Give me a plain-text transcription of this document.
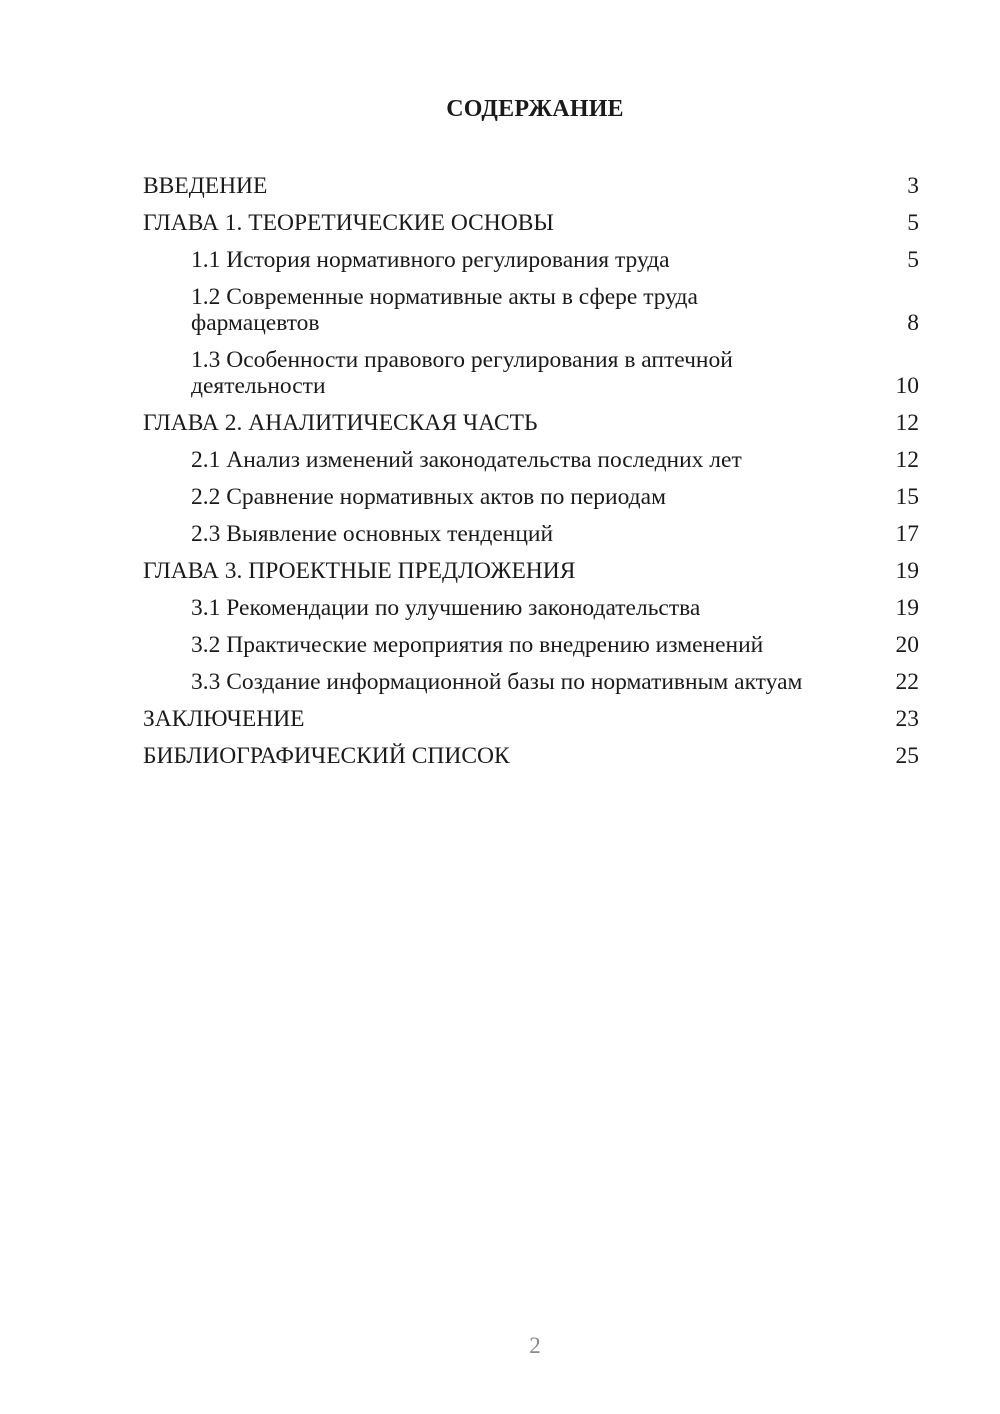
СОДЕРЖАНИЕ
ВВЕДЕНИЕ	3
ГЛАВА 1. ТЕОРЕТИЧЕСКИЕ ОСНОВЫ	5
1.1 История нормативного регулирования труда	5
1.2 Современные нормативные акты в сфере труда фармацевтов	8
1.3 Особенности правового регулирования в аптечной деятельности	10
ГЛАВА 2. АНАЛИТИЧЕСКАЯ ЧАСТЬ	12
2.1 Анализ изменений законодательства последних лет	12
2.2 Сравнение нормативных актов по периодам	15
2.3 Выявление основных тенденций	17
ГЛАВА 3. ПРОЕКТНЫЕ ПРЕДЛОЖЕНИЯ	19
3.1 Рекомендации по улучшению законодательства	19
3.2 Практические мероприятия по внедрению изменений	20
3.3 Создание информационной базы по нормативным актуам	22
ЗАКЛЮЧЕНИЕ	23
БИБЛИОГРАФИЧЕСКИЙ СПИСОК	25
2
